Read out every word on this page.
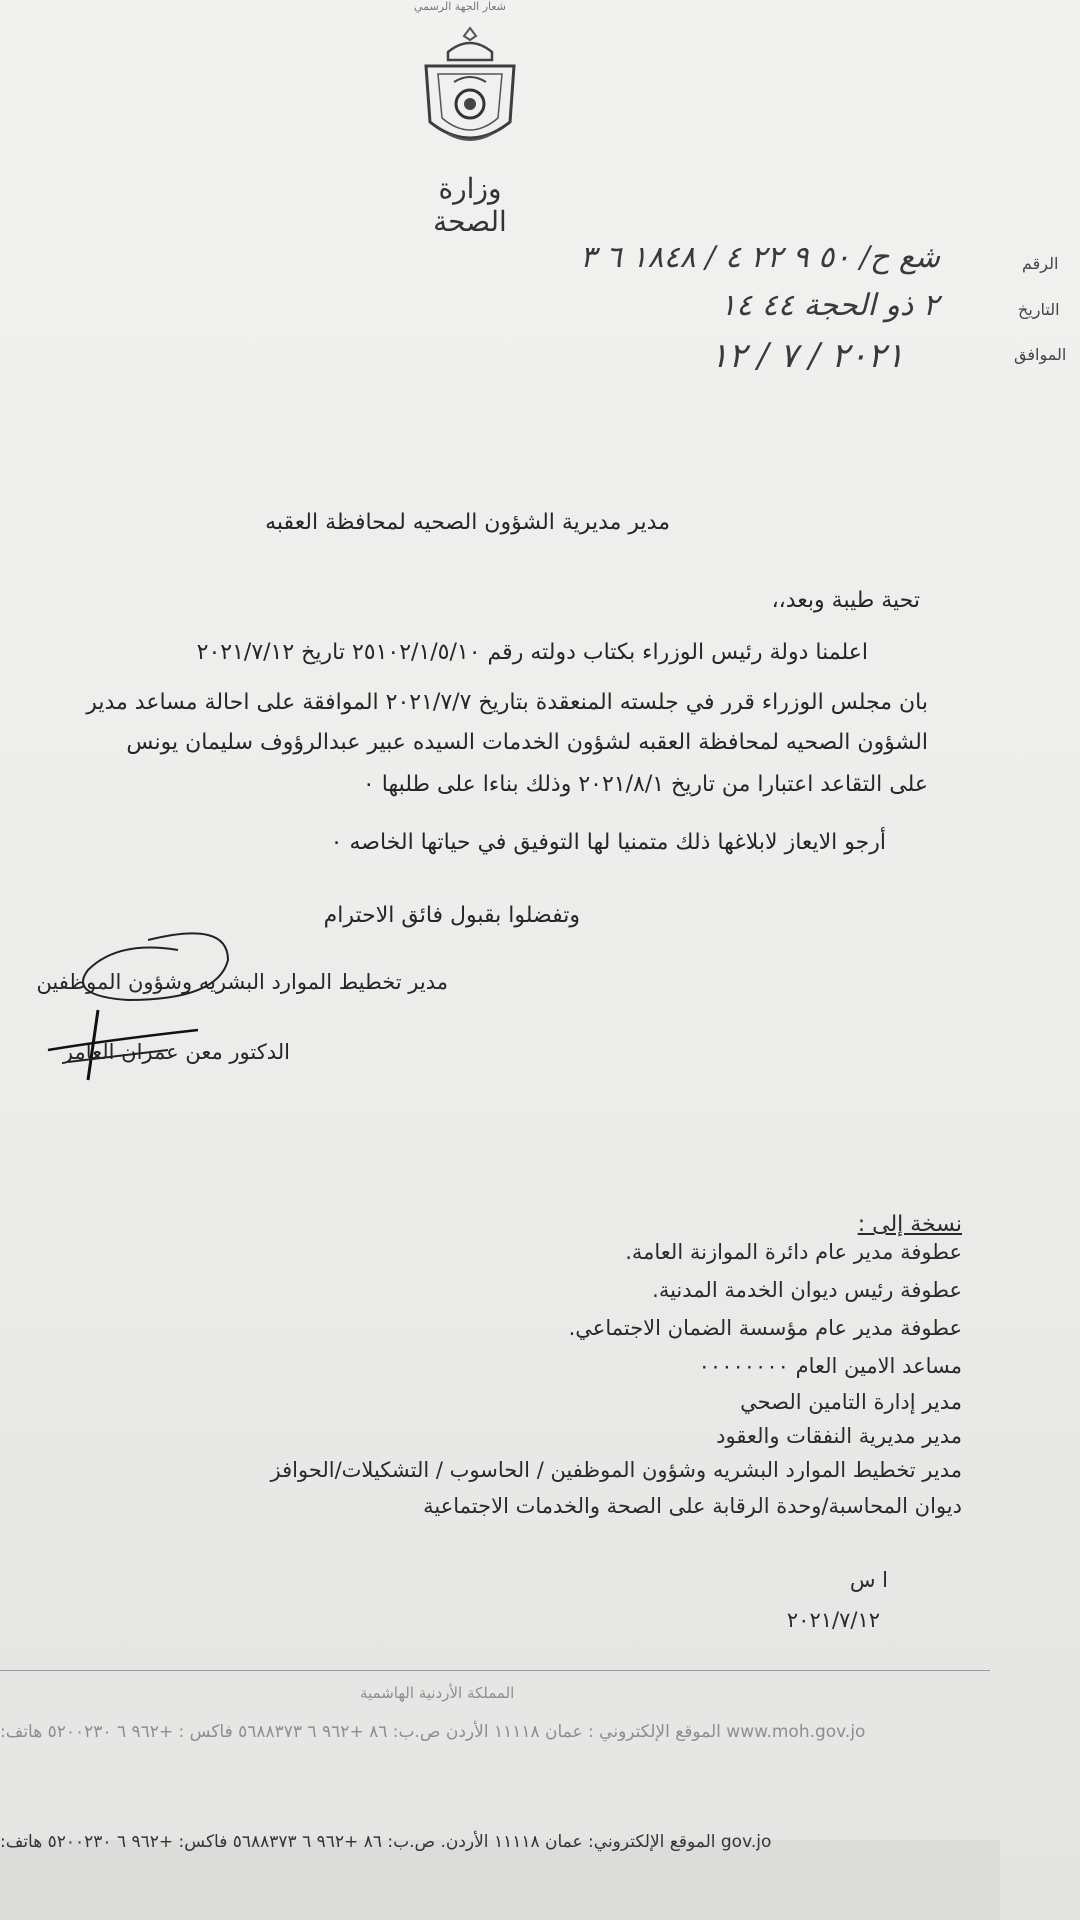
شعار الجهة الرسمي
وزارة الصحة
الرقم
شع ح/ ٥٠ ٩ ٢٢ ٤ / ١٨٤٨ ٦ ٣
التاريخ
٢ ذو الحجة ٤٤ ١٤
الموافق
٢٠٢١ / ٧ / ١٢
مدير مديرية الشؤون الصحيه لمحافظة العقبه
تحية طيبة وبعد،،
اعلمنا دولة رئيس الوزراء بكتاب دولته رقم ٢٥١٠٢/١/٥/١٠ تاريخ ٢٠٢١/٧/١٢
بان مجلس الوزراء قرر في جلسته المنعقدة بتاريخ ٢٠٢١/٧/٧ الموافقة على احالة مساعد مدير
الشؤون الصحيه لمحافظة العقبه لشؤون الخدمات السيده عبير عبدالرؤوف سليمان يونس
على التقاعد اعتبارا من تاريخ ٢٠٢١/٨/١ وذلك بناءا على طلبها ٠
أرجو الايعاز لابلاغها ذلك متمنيا لها التوفيق في حياتها الخاصه ٠
وتفضلوا بقبول فائق الاحترام
مدير تخطيط الموارد البشريه وشؤون الموظفين
الدكتور معن عمران العامر
نسخة إلى :
عطوفة مدير عام دائرة الموازنة العامة.
عطوفة رئيس ديوان الخدمة المدنية.
عطوفة مدير عام مؤسسة الضمان الاجتماعي.
مساعد الامين العام ٠٠٠٠٠٠٠٠
مدير إدارة التامين الصحي
مدير مديرية النفقات والعقود
مدير تخطيط الموارد البشريه وشؤون الموظفين / الحاسوب / التشكيلات/الحوافز
ديوان المحاسبة/وحدة الرقابة على الصحة والخدمات الاجتماعية
ا س
٢٠٢١/٧/١٢
المملكة الأردنية الهاشمية
www.moh.gov.jo الموقع الإلكتروني : عمان ١١١١٨ الأردن ص.ب: ٨٦ +٩٦٢ ٦ ٥٦٨٨٣٧٣ فاكس : +٩٦٢ ٦ ٥٢٠٠٢٣٠ هاتف:
gov.jo الموقع الإلكتروني: عمان ١١١١٨ الأردن. ص.ب: ٨٦ +٩٦٢ ٦ ٥٦٨٨٣٧٣ فاكس: +٩٦٢ ٦ ٥٢٠٠٢٣٠ هاتف:
